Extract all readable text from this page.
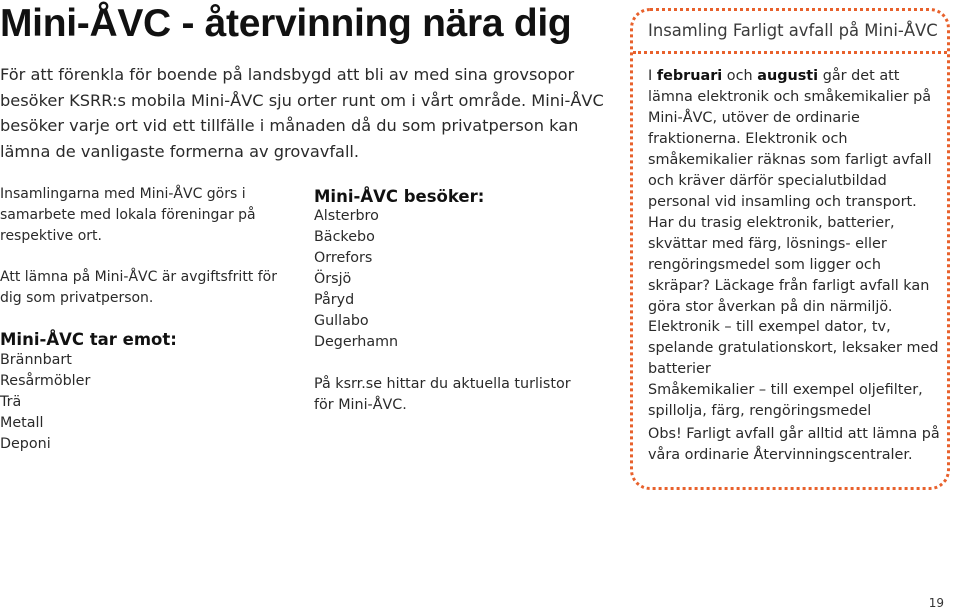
Mini-ÅVC - återvinning nära dig
För att förenkla för boende på landsbygd att bli av med sina grovsopor besöker KSRR:s mobila Mini-ÅVC sju orter runt om i vårt område. Mini-ÅVC besöker varje ort vid ett tillfälle i månaden då du som privatperson kan lämna de vanligaste formerna av grovavfall.
Insamlingarna med Mini-ÅVC görs i samarbete med lokala föreningar på respektive ort.
Att lämna på Mini-ÅVC är avgiftsfritt för dig som privatperson.
Mini-ÅVC tar emot:
Brännbart
Resårmöbler
Trä
Metall
Deponi
Mini-ÅVC besöker:
Alsterbro
Bäckebo
Orrefors
Örsjö
Påryd
Gullabo
Degerhamn
På ksrr.se hittar du aktuella turlistor för Mini-ÅVC.
Insamling Farligt avfall på Mini-ÅVC
I februari och augusti går det att lämna elektronik och småkemikalier på Mini-ÅVC, utöver de ordinarie fraktionerna. Elektronik och småkemikalier räknas som farligt avfall och kräver därför specialutbildad personal vid insamling och transport.
Har du trasig elektronik, batterier, skvättar med färg, lösnings- eller rengöringsmedel som ligger och skräpar? Läckage från farligt avfall kan göra stor åverkan på din närmiljö.
Elektronik – till exempel dator, tv, spelande gratulationskort, leksaker med batterier
Småkemikalier – till exempel oljefilter, spillolja, färg, rengöringsmedel
Obs! Farligt avfall går alltid att lämna på våra ordinarie Återvinningscentraler.
19
